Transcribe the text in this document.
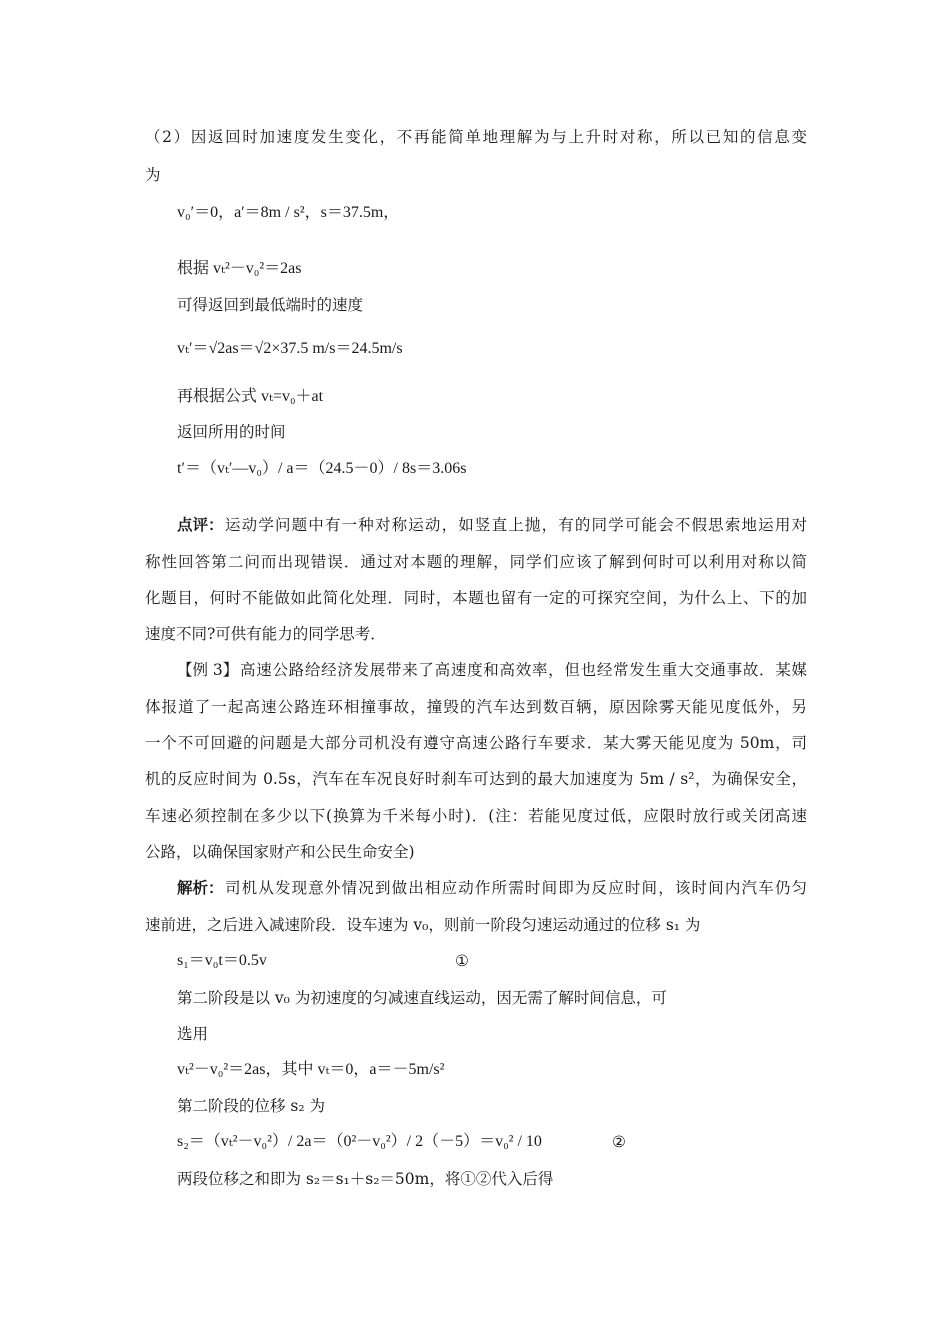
（2）因返回时加速度发生变化，不再能简单地理解为与上升时对称，所以已知的信息变
为
v₀′＝0，a′＝8m / s²，s＝37.5m，
根据 vₜ²－v₀²＝2as
可得返回到最低端时的速度
vₜ′＝√2as＝√2×37.5 m/s＝24.5m/s
再根据公式 vₜ=v₀＋at
返回所用的时间
t′＝（vₜ′—v₀）/ a＝（24.5－0）/ 8s＝3.06s
点评： 运动学问题中有一种对称运动，如竖直上抛，有的同学可能会不假思索地运用对
称性回答第二问而出现错误．通过对本题的理解，同学们应该了解到何时可以利用对称以简
化题目，何时不能做如此简化处理．同时，本题也留有一定的可探究空间，为什么上、下的加
速度不同?可供有能力的同学思考．
【例 3】 高速公路给经济发展带来了高速度和高效率，但也经常发生重大交通事故．某媒
体报道了一起高速公路连环相撞事故，撞毁的汽车达到数百辆，原因除雾天能见度低外，另
一个不可回避的问题是大部分司机没有遵守高速公路行车要求．某大雾天能见度为 50m，司
机的反应时间为 0.5s，汽车在车况良好时刹车可达到的最大加速度为 5m / s²，为确保安全，
车速必须控制在多少以下(换算为千米每小时)．(注：若能见度过低，应限时放行或关闭高速
公路，以确保国家财产和公民生命安全)
解析： 司机从发现意外情况到做出相应动作所需时间即为反应时间，该时间内汽车仍匀
速前进，之后进入减速阶段．设车速为 v₀，则前一阶段匀速运动通过的位移 s₁ 为
s₁＝v₀t＝0.5v	①
第二阶段是以 v₀ 为初速度的匀减速直线运动，因无需了解时间信息，可
选用
vₜ²－v₀²＝2as，其中 vₜ＝0，a＝－5m/s²
第二阶段的位移 s₂ 为
s₂＝（vₜ²－v₀²）/ 2a＝（0²－v₀²）/ 2（－5）＝v₀² / 10	②
两段位移之和即为 s₂＝s₁＋s₂＝50m，将①②代入后得
